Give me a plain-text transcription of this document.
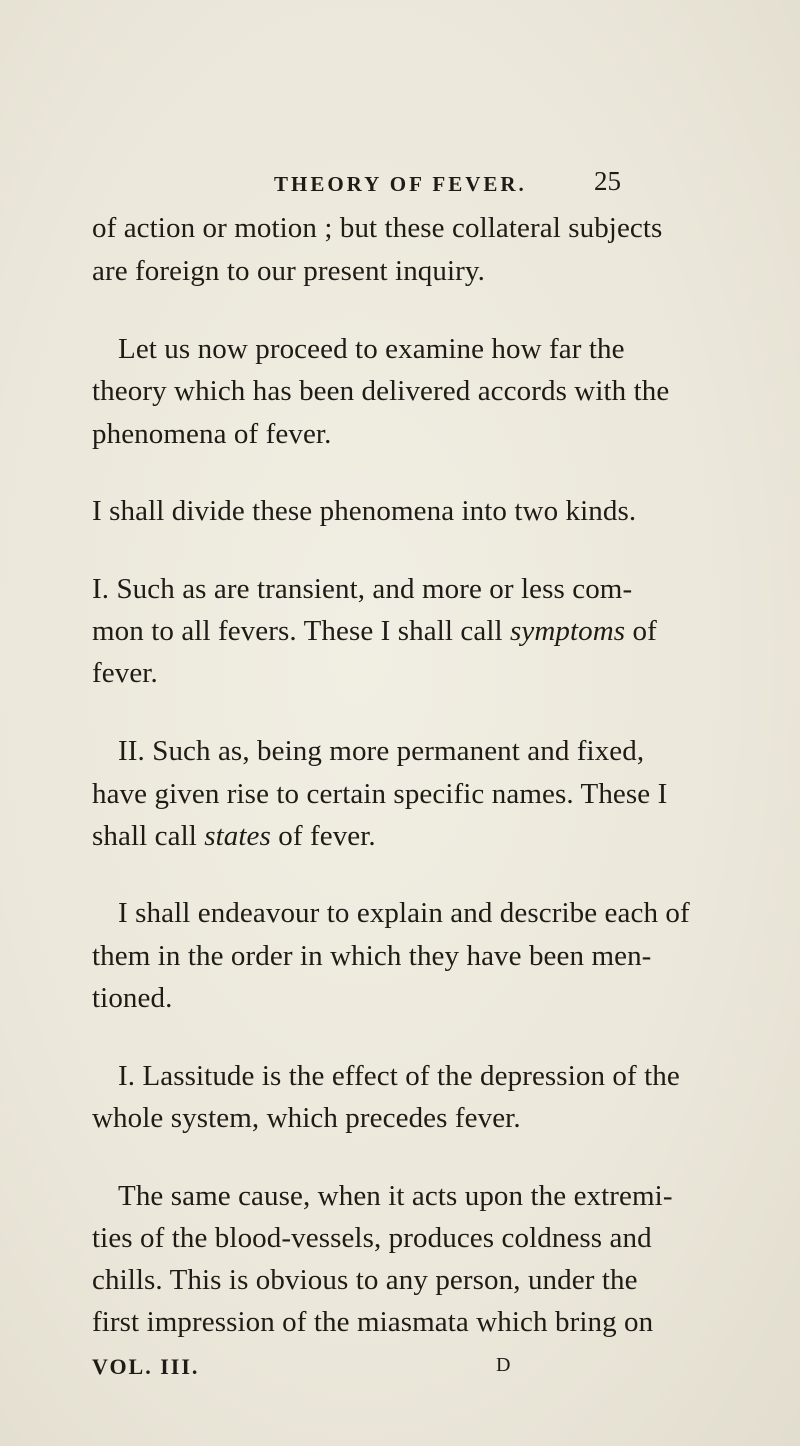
THEORY OF FEVER. 25
of action or motion ; but these collateral subjects
are foreign to our present inquiry.
Let us now proceed to examine how far the
theory which has been delivered accords with the
phenomena of fever.
I shall divide these phenomena into two kinds.
I. Such as are transient, and more or less com-
mon to all fevers. These I shall call symptoms of
fever.
II. Such as, being more permanent and fixed,
have given rise to certain specific names. These I
shall call states of fever.
I shall endeavour to explain and describe each of
them in the order in which they have been men-
tioned.
I. Lassitude is the effect of the depression of the
whole system, which precedes fever.
The same cause, when it acts upon the extremi-
ties of the blood-vessels, produces coldness and
chills. This is obvious to any person, under the
first impression of the miasmata which bring on
VOL. III.	D
